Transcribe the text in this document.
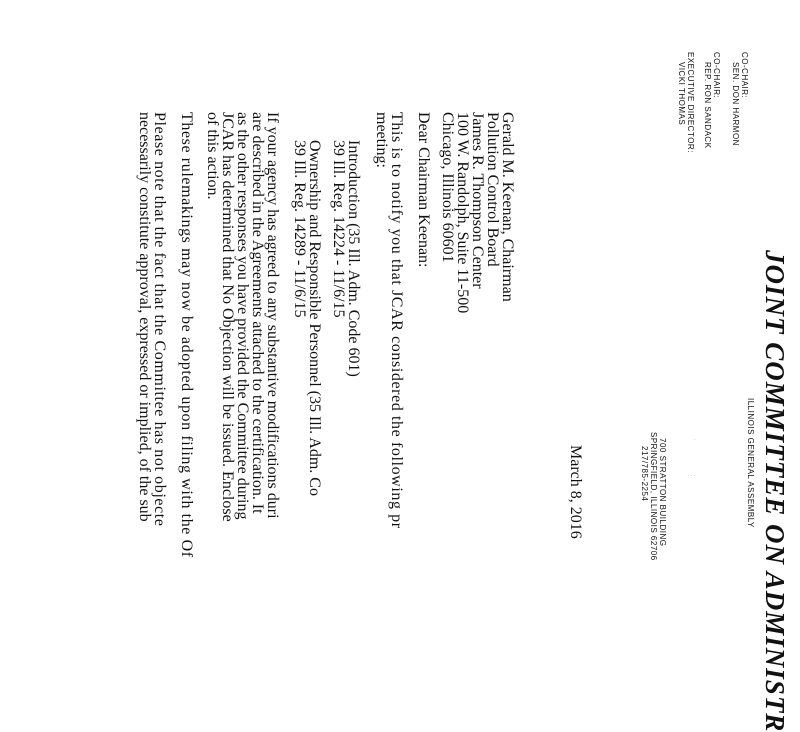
JOINT COMMITTEE ON ADMINISTR
ILLINOIS GENERAL ASSEMBLY
700 STRATTON BUILDING
SPRINGFIELD, ILLINOIS 62706
217/785-2254	. . .
.
CO-CHAIR:
SEN. DON HARMON
CO-CHAIR:
REP. RON SANDACK
EXECUTIVE DIRECTOR:
VICKI THOMAS
March 8, 2016
Gerald M. Keenan, Chairman
Pollution Control Board
James R. Thompson Center
100 W. Randolph, Suite 11-500
Chicago, Illinois 60601
Dear Chairman Keenan:
This is to notify you that JCAR considered the following pr
meeting:
Introduction (35 Ill. Adm. Code 601)
39 Ill. Reg. 14224 - 11/6/15
Ownership and Responsible Personnel (35 Ill. Adm. Co
39 Ill. Reg. 14289 - 11/6/15
If your agency has agreed to any substantive modifications duri
are described in the Agreements attached to the certification. It
as the other responses you have provided the Committee during
JCAR has determined that No Objection will be issued. Enclose
of this action.
These rulemakings may now be adopted upon filing with the Of
Please note that the fact that the Committee has not objecte
necessarily constitute approval, expressed or implied, of the sub
